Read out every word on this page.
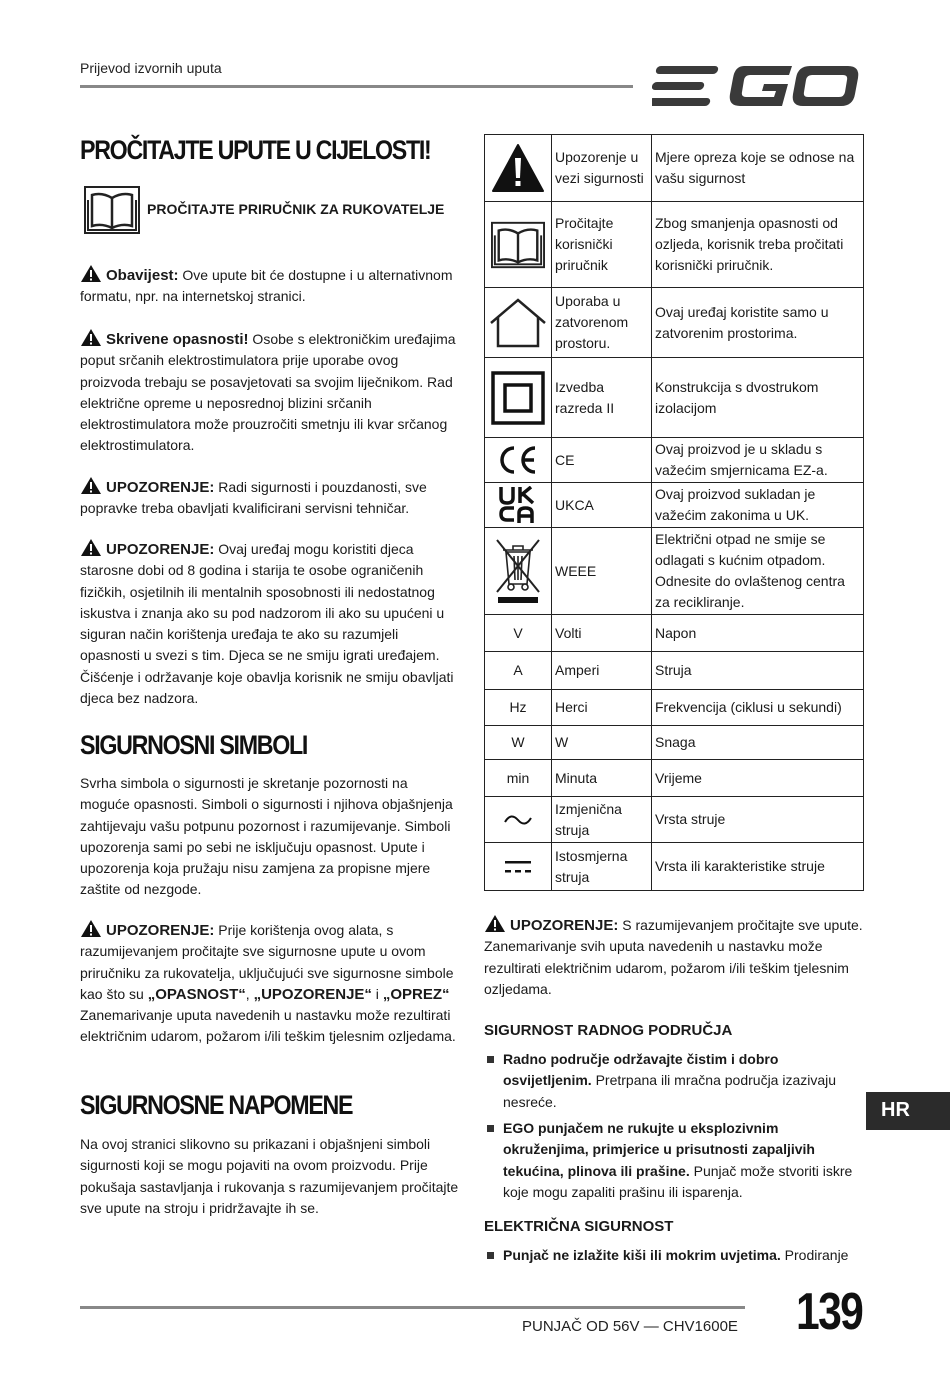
Prijevod izvornih uputa
PROČITAJTE UPUTE U CIJELOSTI!
PROČITAJTE PRIRUČNIK ZA RUKOVATELJE
Obavijest: Ove upute bit će dostupne i u alternativnom formatu, npr. na internetskoj stranici.
Skrivene opasnosti! Osobe s elektroničkim uređajima poput srčanih elektrostimulatora prije uporabe ovog proizvoda trebaju se posavjetovati sa svojim liječnikom. Rad električne opreme u neposrednoj blizini srčanih elektrostimulatora može prouzročiti smetnju ili kvar srčanog elektrostimulatora.
UPOZORENJE: Radi sigurnosti i pouzdanosti, sve popravke treba obavljati kvalificirani servisni tehničar.
UPOZORENJE: Ovaj uređaj mogu koristiti djeca starosne dobi od 8 godina i starija te osobe ograničenih fizičkih, osjetilnih ili mentalnih sposobnosti ili nedostatnog iskustva i znanja ako su pod nadzorom ili ako su upućeni u siguran način korištenja uređaja te ako su razumjeli opasnosti u svezi s tim. Djeca se ne smiju igrati uređajem. Čišćenje i održavanje koje obavlja korisnik ne smiju obavljati djeca bez nadzora.
SIGURNOSNI SIMBOLI
Svrha simbola o sigurnosti je skretanje pozornosti na moguće opasnosti. Simboli o sigurnosti i njihova objašnjenja zahtijevaju vašu potpunu pozornost i razumijevanje. Simboli upozorenja sami po sebi ne isključuju opasnost. Upute i upozorenja koja pružaju nisu zamjena za propisne mjere zaštite od nezgode.
UPOZORENJE: Prije korištenja ovog alata, s razumijevanjem pročitajte sve sigurnosne upute u ovom priručniku za rukovatelja, uključujući sve sigurnosne simbole kao što su „OPASNOST“, „UPOZORENJE“ i „OPREZ“ Zanemarivanje uputa navedenih u nastavku može rezultirati električnim udarom, požarom i/ili teškim tjelesnim ozljedama.
SIGURNOSNE NAPOMENE
Na ovoj stranici slikovno su prikazani i objašnjeni simboli sigurnosti koji se mogu pojaviti na ovom proizvodu. Prije pokušaja sastavljanja i rukovanja s razumijevanjem pročitajte sve upute na stroju i pridržavajte ih se.
	Upozorenje u vezi sigurnosti	Mjere opreza koje se odnose na vašu sigurnost

	Pročitajte korisnički priručnik	Zbog smanjenja opasnosti od ozljeda, korisnik treba pročitati korisnički priručnik.

	Uporaba u zatvorenom prostoru.	Ovaj uređaj koristite samo u zatvorenim prostorima.

	Izvedba razreda II	Konstrukcija s dvostrukom izolacijom

	CE	Ovaj proizvod je u skladu s važećim smjernicama EZ-a.

	UKCA	Ovaj proizvod sukladan je važećim zakonima u UK.

	WEEE	Električni otpad ne smije se odlagati s kućnim otpadom. Odnesite do ovlaštenog centra za recikliranje.
V	Volti	Napon
A	Amperi	Struja
Hz	Herci	Frekvencija (ciklusi u sekundi)
W	W	Snaga
min	Minuta	Vrijeme

	Izmjenična struja	Vrsta struje

	Istosmjerna struja	Vrsta ili karakteristike struje
UPOZORENJE: S razumijevanjem pročitajte sve upute. Zanemarivanje svih uputa navedenih u nastavku može rezultirati električnim udarom, požarom i/ili teškim tjelesnim ozljedama.
SIGURNOST RADNOG PODRUČJA
Radno područje održavajte čistim i dobro osvijetljenim. Pretrpana ili mračna područja izazivaju nesreće.
EGO punjačem ne rukujte u eksplozivnim okruženjima, primjerice u prisutnosti zapaljivih tekućina, plinova ili prašine. Punjač može stvoriti iskre koje mogu zapaliti prašinu ili isparenja.
ELEKTRIČNA SIGURNOST
Punjač ne izlažite kiši ili mokrim uvjetima. Prodiranje
HR
PUNJAČ OD 56V — CHV1600E 139
